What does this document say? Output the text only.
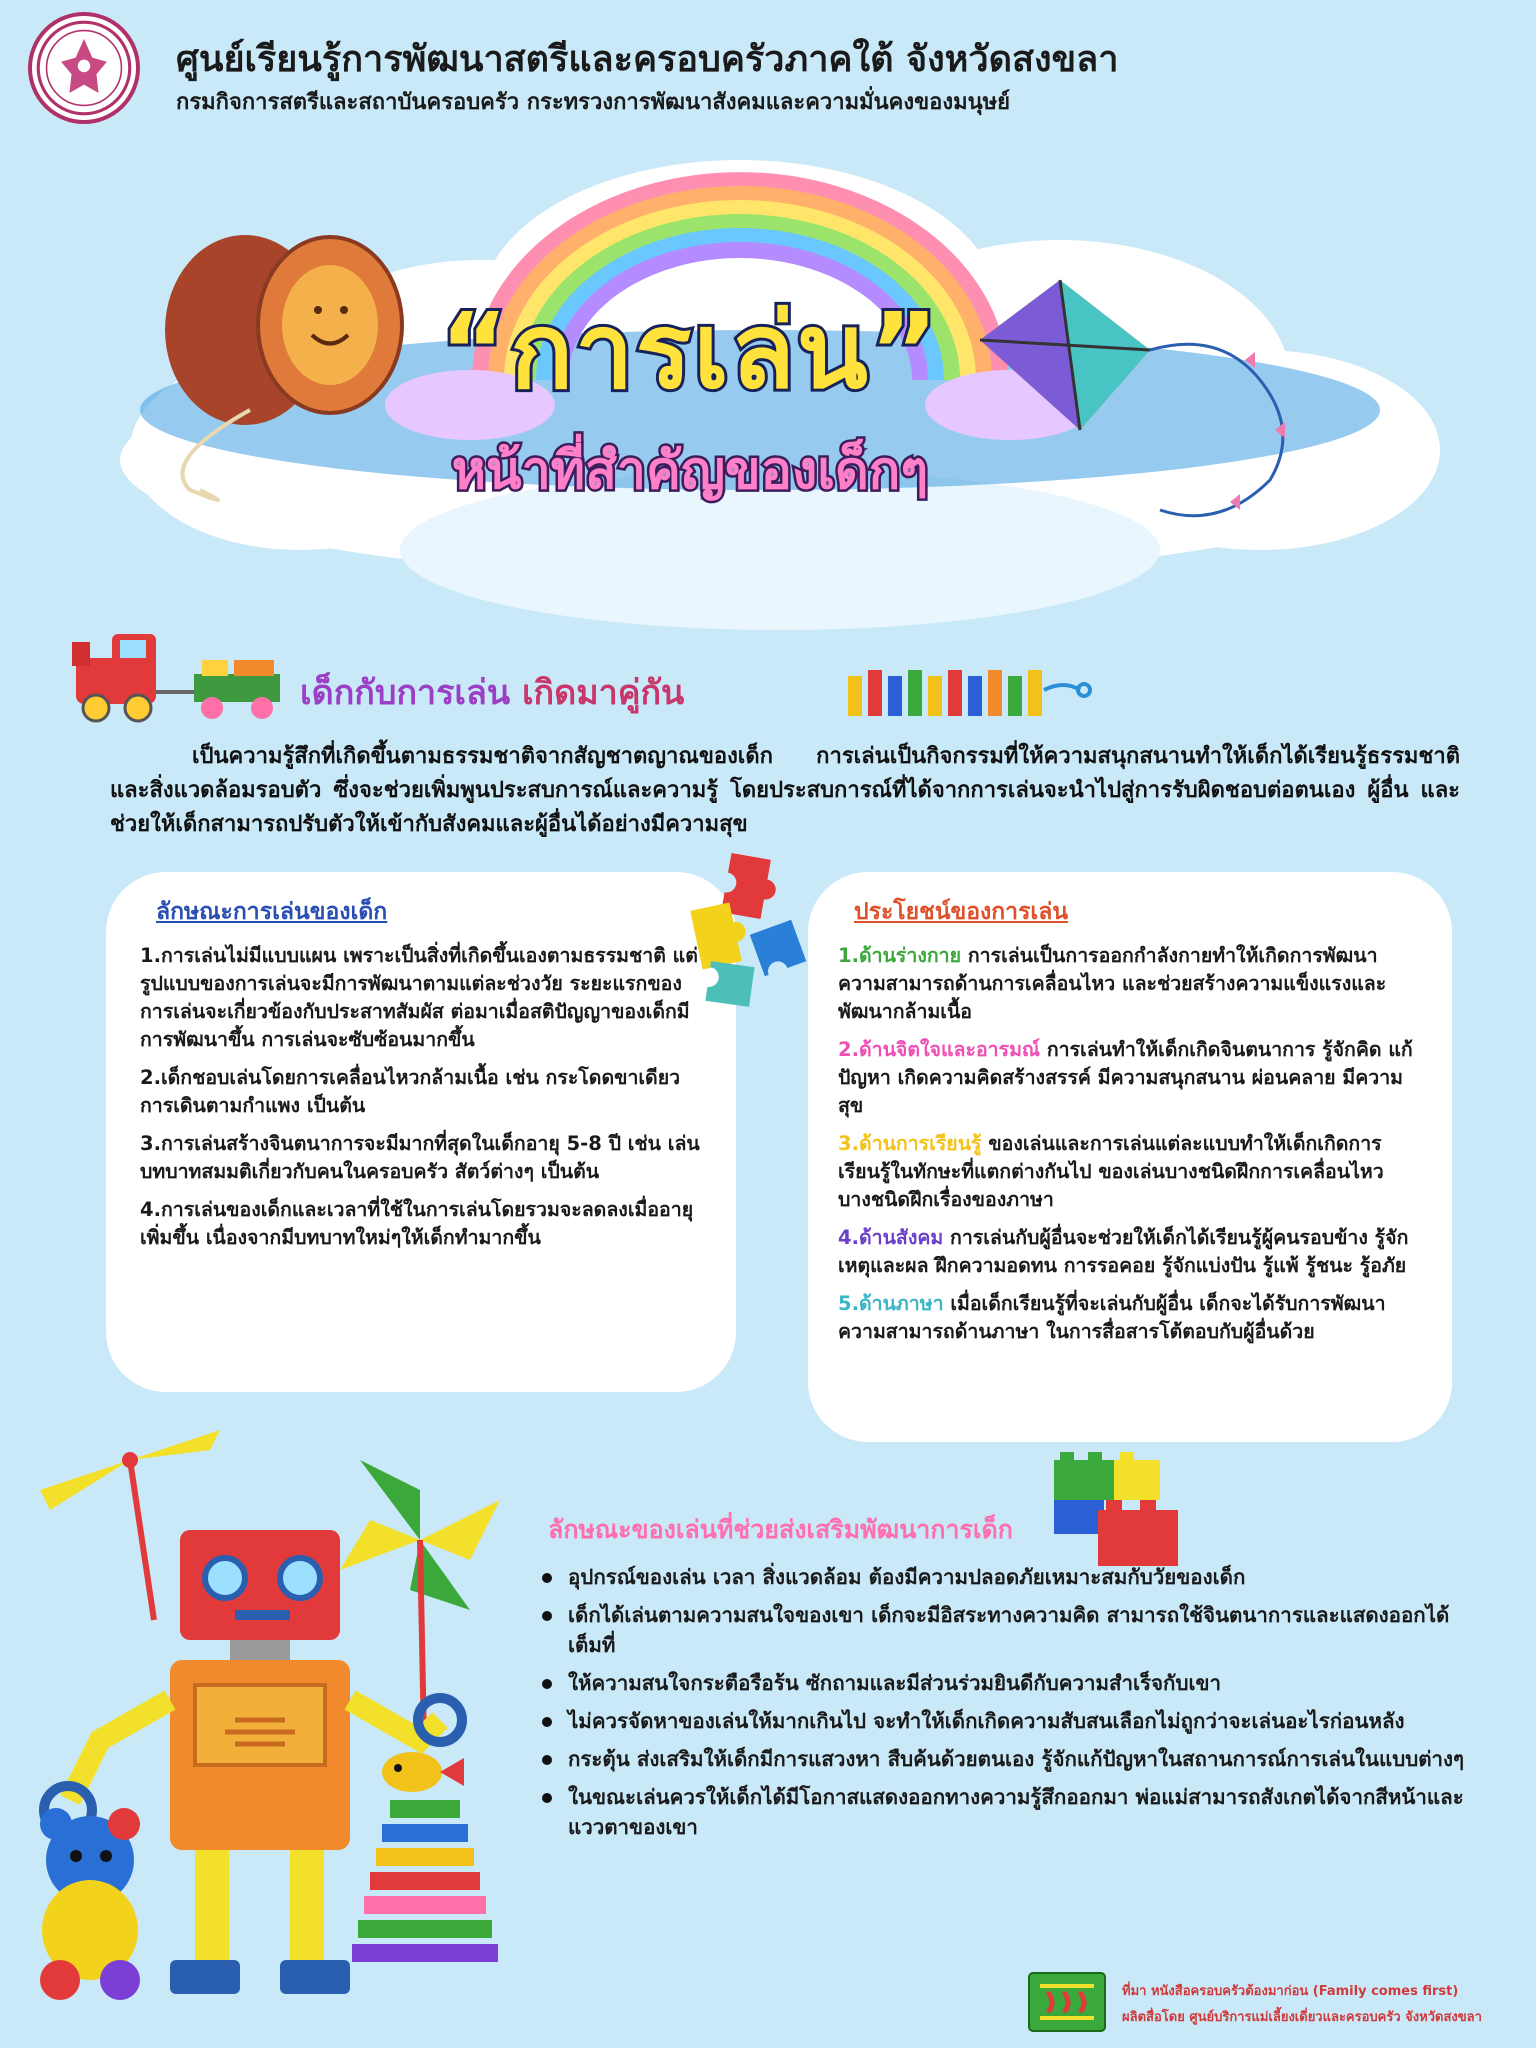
ศูนย์เรียนรู้การพัฒนาสตรีและครอบครัวภาคใต้ จังหวัดสงขลา
กรมกิจการสตรีและสถาบันครอบครัว กระทรวงการพัฒนาสังคมและความมั่นคงของมนุษย์
“การเล่น”
หน้าที่สำคัญของเด็กๆ
เด็กกับการเล่น เกิดมาคู่กัน
เป็นความรู้สึกที่เกิดขึ้นตามธรรมชาติจากสัญชาตญาณของเด็ก การเล่นเป็นกิจกรรมที่ให้ความสนุกสนานทำให้เด็กได้เรียนรู้ธรรมชาติและสิ่งแวดล้อมรอบตัว ซึ่งจะช่วยเพิ่มพูนประสบการณ์และความรู้ โดยประสบการณ์ที่ได้จากการเล่นจะนำไปสู่การรับผิดชอบต่อตนเอง ผู้อื่น และช่วยให้เด็กสามารถปรับตัวให้เข้ากับสังคมและผู้อื่นได้อย่างมีความสุข
ลักษณะการเล่นของเด็ก
1.การเล่นไม่มีแบบแผน เพราะเป็นสิ่งที่เกิดขึ้นเองตามธรรมชาติ แต่รูปแบบของการเล่นจะมีการพัฒนาตามแต่ละช่วงวัย ระยะแรกของการเล่นจะเกี่ยวข้องกับประสาทสัมผัส ต่อมาเมื่อสติปัญญาของเด็กมีการพัฒนาขึ้น การเล่นจะซับซ้อนมากขึ้น
2.เด็กชอบเล่นโดยการเคลื่อนไหวกล้ามเนื้อ เช่น กระโดดขาเดียว การเดินตามกำแพง เป็นต้น
3.การเล่นสร้างจินตนาการจะมีมากที่สุดในเด็กอายุ 5-8 ปี เช่น เล่นบทบาทสมมติเกี่ยวกับคนในครอบครัว สัตว์ต่างๆ เป็นต้น
4.การเล่นของเด็กและเวลาที่ใช้ในการเล่นโดยรวมจะลดลงเมื่ออายุเพิ่มขึ้น เนื่องจากมีบทบาทใหม่ๆให้เด็กทำมากขึ้น
ประโยชน์ของการเล่น
1.ด้านร่างกาย การเล่นเป็นการออกกำลังกายทำให้เกิดการพัฒนาความสามารถด้านการเคลื่อนไหว และช่วยสร้างความแข็งแรงและพัฒนากล้ามเนื้อ
2.ด้านจิตใจและอารมณ์ การเล่นทำให้เด็กเกิดจินตนาการ รู้จักคิด แก้ปัญหา เกิดความคิดสร้างสรรค์ มีความสนุกสนาน ผ่อนคลาย มีความสุข
3.ด้านการเรียนรู้ ของเล่นและการเล่นแต่ละแบบทำให้เด็กเกิดการเรียนรู้ในทักษะที่แตกต่างกันไป ของเล่นบางชนิดฝึกการเคลื่อนไหว บางชนิดฝึกเรื่องของภาษา
4.ด้านสังคม การเล่นกับผู้อื่นจะช่วยให้เด็กได้เรียนรู้ผู้คนรอบข้าง รู้จักเหตุและผล ฝึกความอดทน การรอคอย รู้จักแบ่งปัน รู้แพ้ รู้ชนะ รู้อภัย
5.ด้านภาษา เมื่อเด็กเรียนรู้ที่จะเล่นกับผู้อื่น เด็กจะได้รับการพัฒนาความสามารถด้านภาษา ในการสื่อสารโต้ตอบกับผู้อื่นด้วย
ลักษณะของเล่นที่ช่วยส่งเสริมพัฒนาการเด็ก
อุปกรณ์ของเล่น เวลา สิ่งแวดล้อม ต้องมีความปลอดภัยเหมาะสมกับวัยของเด็ก
เด็กได้เล่นตามความสนใจของเขา เด็กจะมีอิสระทางความคิด สามารถใช้จินตนาการและแสดงออกได้เต็มที่
ให้ความสนใจกระตือรือร้น ซักถามและมีส่วนร่วมยินดีกับความสำเร็จกับเขา
ไม่ควรจัดหาของเล่นให้มากเกินไป จะทำให้เด็กเกิดความสับสนเลือกไม่ถูกว่าจะเล่นอะไรก่อนหลัง
กระตุ้น ส่งเสริมให้เด็กมีการแสวงหา สืบค้นด้วยตนเอง รู้จักแก้ปัญหาในสถานการณ์การเล่นในแบบต่างๆ
ในขณะเล่นควรให้เด็กได้มีโอกาสแสดงออกทางความรู้สึกออกมา พ่อแม่สามารถสังเกตได้จากสีหน้าและแววตาของเขา
ที่มา หนังสือครอบครัวต้องมาก่อน (Family comes first)
ผลิตสื่อโดย ศูนย์บริการแม่เลี้ยงเดี่ยวและครอบครัว จังหวัดสงขลา
